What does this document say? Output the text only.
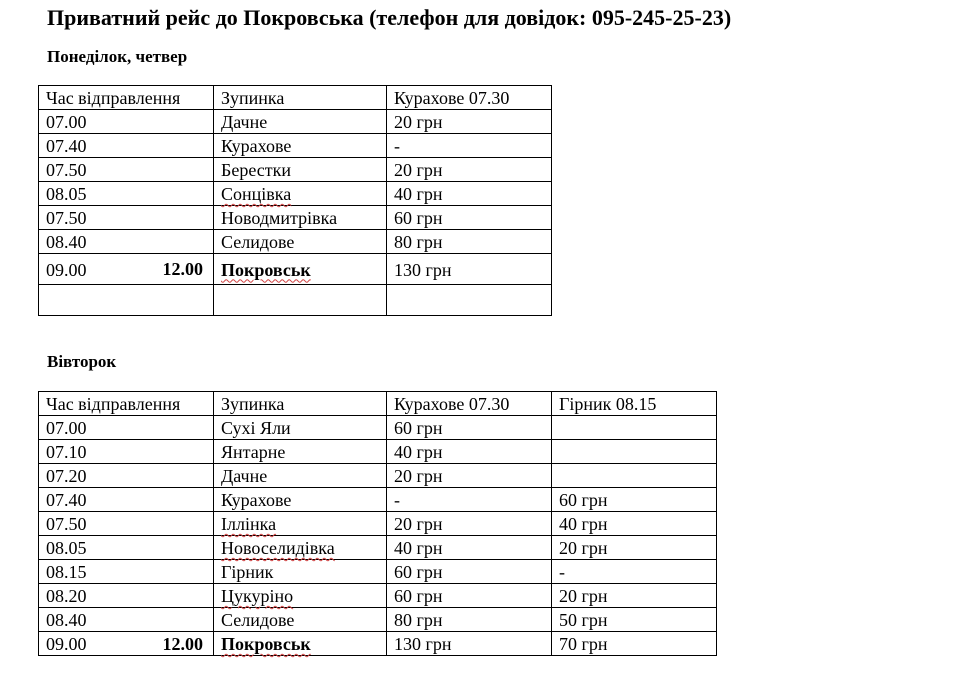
Приватний рейс до Покровська (телефон для довідок: 095-245-25-23)
Понеділок, четвер
Час відправлення	Зупинка	Курахове 07.30
07.00	Дачне	20 грн
07.40	Курахове	-
07.50	Берестки	20 грн
08.05	Сонцівка	40 грн
07.50	Новодмитрівка	60 грн
08.40	Селидове	80 грн
09.00 12.00	Покровськ	130 грн

Вівторок
Час відправлення	Зупинка	Курахове 07.30	Гірник 08.15
07.00	Сухі Яли	60 грн	
07.10	Янтарне	40 грн	
07.20	Дачне	20 грн	
07.40	Курахове	-	60 грн
07.50	Іллінка	20 грн	40 грн
08.05	Новоселидівка	40 грн	20 грн
08.15	Гірник	60 грн	-
08.20	Цукуріно	60 грн	20 грн
08.40	Селидове	80 грн	50 грн
09.00 12.00	Покровськ	130 грн	70 грн
